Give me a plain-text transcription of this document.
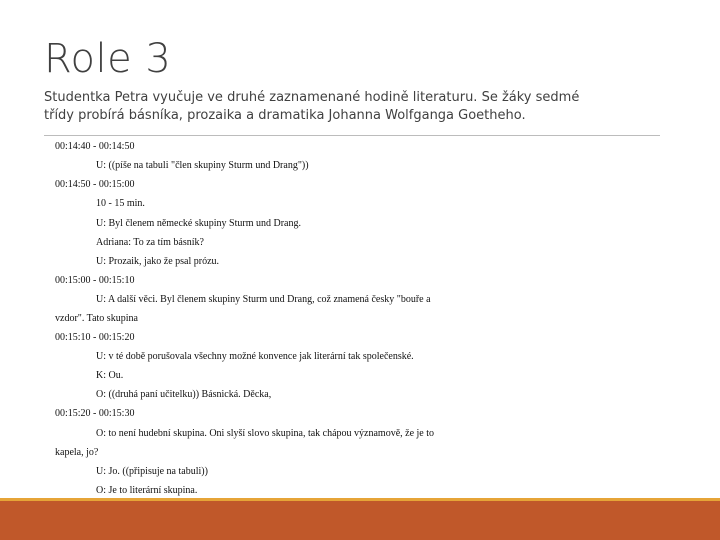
Role 3
Studentka Petra vyučuje ve druhé zaznamenané hodině literaturu. Se žáky sedmé
třídy probírá básníka, prozaika a dramatika Johanna Wolfganga Goetheho.
00:14:40 - 00:14:50
U: ((píše na tabuli "člen skupiny Sturm und Drang"))
00:14:50 - 00:15:00
10 - 15 min.
U: Byl členem německé skupiny Sturm und Drang.
Adriana: To za tím básník?
U: Prozaik, jako že psal prózu.
00:15:00 - 00:15:10
U: A další věci. Byl členem skupiny Sturm und Drang, což znamená česky "bouře a
vzdor". Tato skupina
00:15:10 - 00:15:20
U: v té době porušovala všechny možné konvence jak literární tak společenské.
K: Ou.
O: ((druhá paní učitelku)) Básnická. Děcka,
00:15:20 - 00:15:30
O: to není hudební skupina. Oni slyší slovo skupina, tak chápou významově, že je to
kapela, jo?
U: Jo. ((připisuje na tabuli))
O: Je to literární skupina.
